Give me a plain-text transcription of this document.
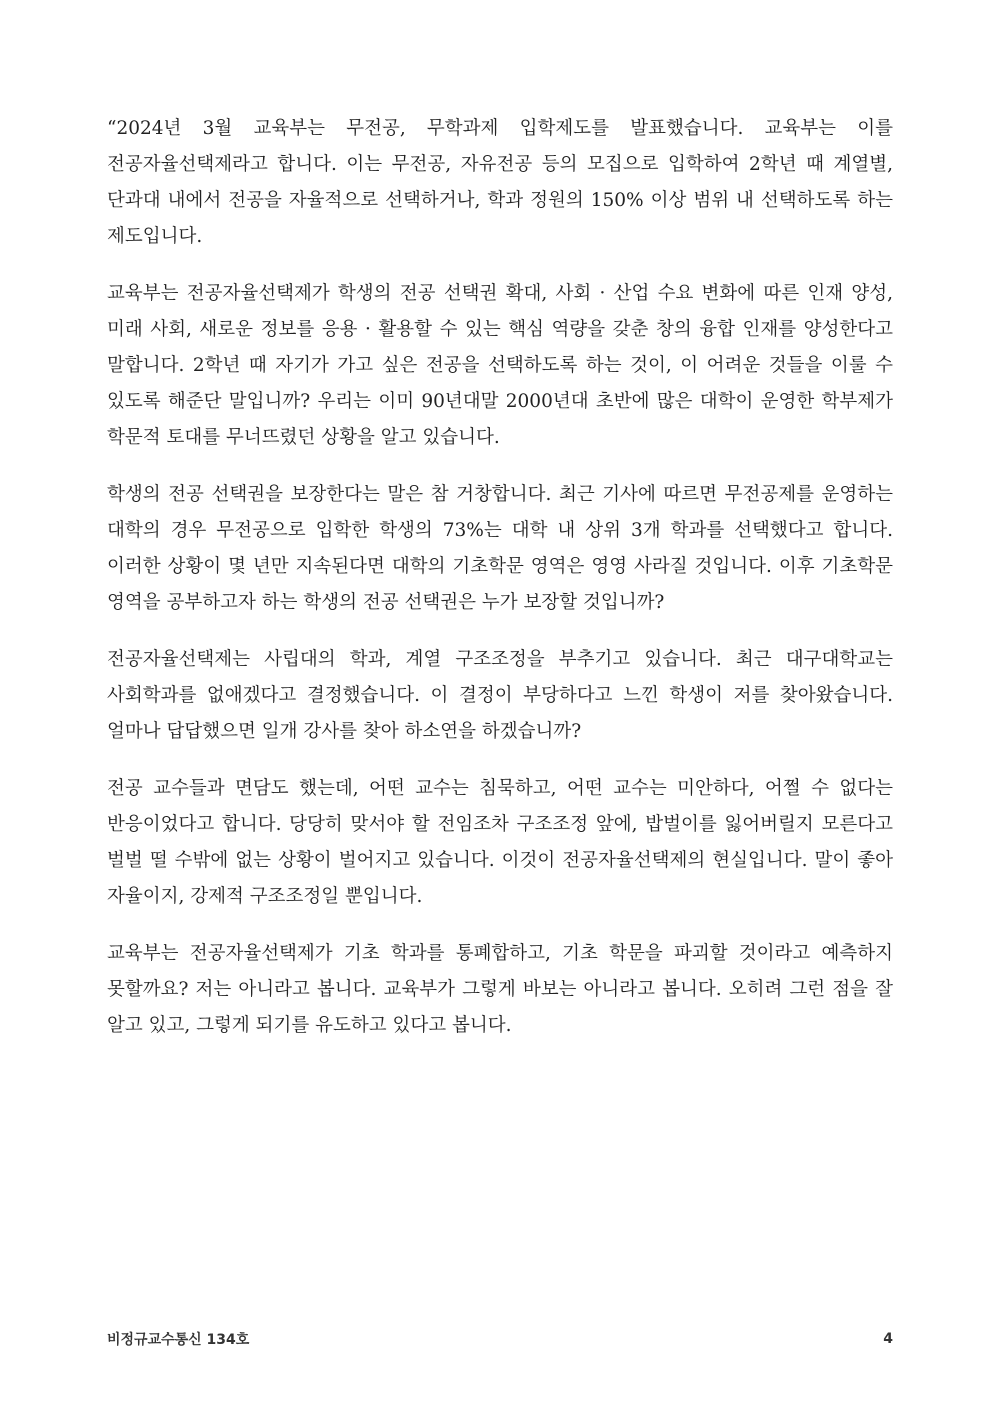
“2024년 3월 교육부는 무전공, 무학과제 입학제도를 발표했습니다. 교육부는 이를 전공자율선택제라고 합니다. 이는 무전공, 자유전공 등의 모집으로 입학하여 2학년 때 계열별, 단과대 내에서 전공을 자율적으로 선택하거나, 학과 정원의 150% 이상 범위 내 선택하도록 하는 제도입니다.

교육부는 전공자율선택제가 학생의 전공 선택권 확대, 사회 · 산업 수요 변화에 따른 인재 양성, 미래 사회, 새로운 정보를 응용 · 활용할 수 있는 핵심 역량을 갖춘 창의 융합 인재를 양성한다고 말합니다. 2학년 때 자기가 가고 싶은 전공을 선택하도록 하는 것이, 이 어려운 것들을 이룰 수 있도록 해준단 말입니까? 우리는 이미 90년대말 2000년대 초반에 많은 대학이 운영한 학부제가 학문적 토대를 무너뜨렸던 상황을 알고 있습니다.

학생의 전공 선택권을 보장한다는 말은 참 거창합니다. 최근 기사에 따르면 무전공제를 운영하는 대학의 경우 무전공으로 입학한 학생의 73%는 대학 내 상위 3개 학과를 선택했다고 합니다. 이러한 상황이 몇 년만 지속된다면 대학의 기초학문 영역은 영영 사라질 것입니다. 이후 기초학문 영역을 공부하고자 하는 학생의 전공 선택권은 누가 보장할 것입니까?

전공자율선택제는 사립대의 학과, 계열 구조조정을 부추기고 있습니다. 최근 대구대학교는 사회학과를 없애겠다고 결정했습니다. 이 결정이 부당하다고 느낀 학생이 저를 찾아왔습니다. 얼마나 답답했으면 일개 강사를 찾아 하소연을 하겠습니까?

전공 교수들과 면담도 했는데, 어떤 교수는 침묵하고, 어떤 교수는 미안하다, 어쩔 수 없다는 반응이었다고 합니다. 당당히 맞서야 할 전임조차 구조조정 앞에, 밥벌이를 잃어버릴지 모른다고 벌벌 떨 수밖에 없는 상황이 벌어지고 있습니다. 이것이 전공자율선택제의 현실입니다. 말이 좋아 자율이지, 강제적 구조조정일 뿐입니다.

교육부는 전공자율선택제가 기초 학과를 통폐합하고, 기초 학문을 파괴할 것이라고 예측하지 못할까요? 저는 아니라고 봅니다. 교육부가 그렇게 바보는 아니라고 봅니다. 오히려 그런 점을 잘 알고 있고, 그렇게 되기를 유도하고 있다고 봅니다.

비정규교수통신 134호	4
